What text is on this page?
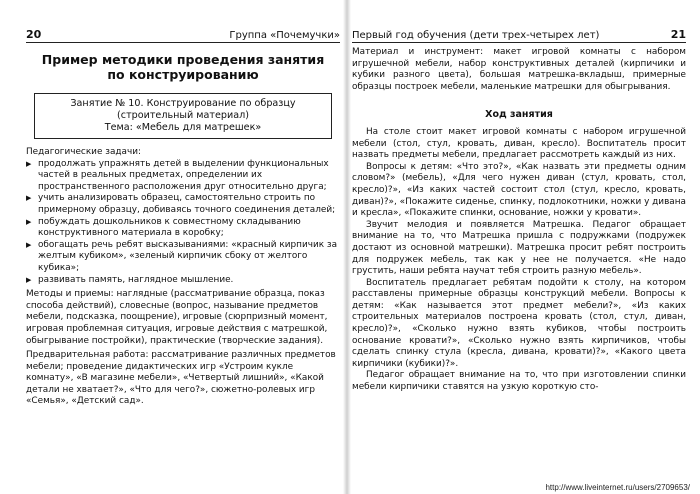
20	Группа «Почемучки»
Пример методики проведения занятия по конструированию
Занятие № 10. Конструирование по образцу
(строительный материал)
Тема: «Мебель для матрешек»

Педагогические задачи:

▶ продолжать упражнять детей в выделении функциональных частей в реальных предметах, определении их пространственного расположения друг относительно друга;
▶ учить анализировать образец, самостоятельно строить по примерному образцу, добиваясь точного соединения деталей;
▶ побуждать дошкольников к совместному складыванию конструктивного материала в коробку;
▶ обогащать речь ребят высказываниями: «красный кирпичик за желтым кубиком», «зеленый кирпичик сбоку от желтого кубика»;
▶ развивать память, наглядное мышление.

Методы и приемы: наглядные (рассматривание образца, показ способа действий), словесные (вопрос, называние предметов мебели, подсказка, поощрение), игровые (сюрпризный момент, игровая проблемная ситуация, игровые действия с матрешкой, обыгрывание постройки), практические (творческие задания).

Предварительная работа: рассматривание различных предметов мебели; проведение дидактических игр «Устроим кукле комнату», «В магазине мебели», «Четвертый лишний», «Какой детали не хватает?», «Что для чего?», сюжетно-ролевых игр «Семья», «Детский сад».

Первый год обучения (дети трех-четырех лет)	21

Материал и инструмент: макет игровой комнаты с набором игрушечной мебели, набор конструктивных деталей (кирпичики и кубики разного цвета), большая матрешка-вкладыш, примерные образцы построек мебели, маленькие матрешки для обыгрывания.

Ход занятия

На столе стоит макет игровой комнаты с набором игрушечной мебели (стол, стул, кровать, диван, кресло). Воспитатель просит назвать предметы мебели, предлагает рассмотреть каждый из них.

Вопросы к детям: «Что это?», «Как назвать эти предметы одним словом?» (мебель), «Для чего нужен диван (стул, кровать, стол, кресло)?», «Из каких частей состоит стол (стул, кресло, кровать, диван)?», «Покажите сиденье, спинку, подлокотники, ножки у дивана и кресла», «Покажите спинки, основание, ножки у кровати».

Звучит мелодия и появляется Матрешка. Педагог обращает внимание на то, что Матрешка пришла с подружками (подружек достают из основной матрешки). Матрешка просит ребят построить для подружек мебель, так как у нее не получается. «Не надо грустить, наши ребята научат тебя строить разную мебель».

Воспитатель предлагает ребятам подойти к столу, на котором расставлены примерные образцы конструкций мебели. Вопросы к детям: «Как называется этот предмет мебели?», «Из каких строительных материалов построена кровать (стол, стул, диван, кресло)?», «Сколько нужно взять кубиков, чтобы построить основание кровати?», «Сколько нужно взять кирпичиков, чтобы сделать спинку стула (кресла, дивана, кровати)?», «Какого цвета кирпичики (кубики)?».

Педагог обращает внимание на то, что при изготовлении спинки мебели кирпичики ставятся на узкую короткую сто-

http://www.liveinternet.ru/users/2709653/
